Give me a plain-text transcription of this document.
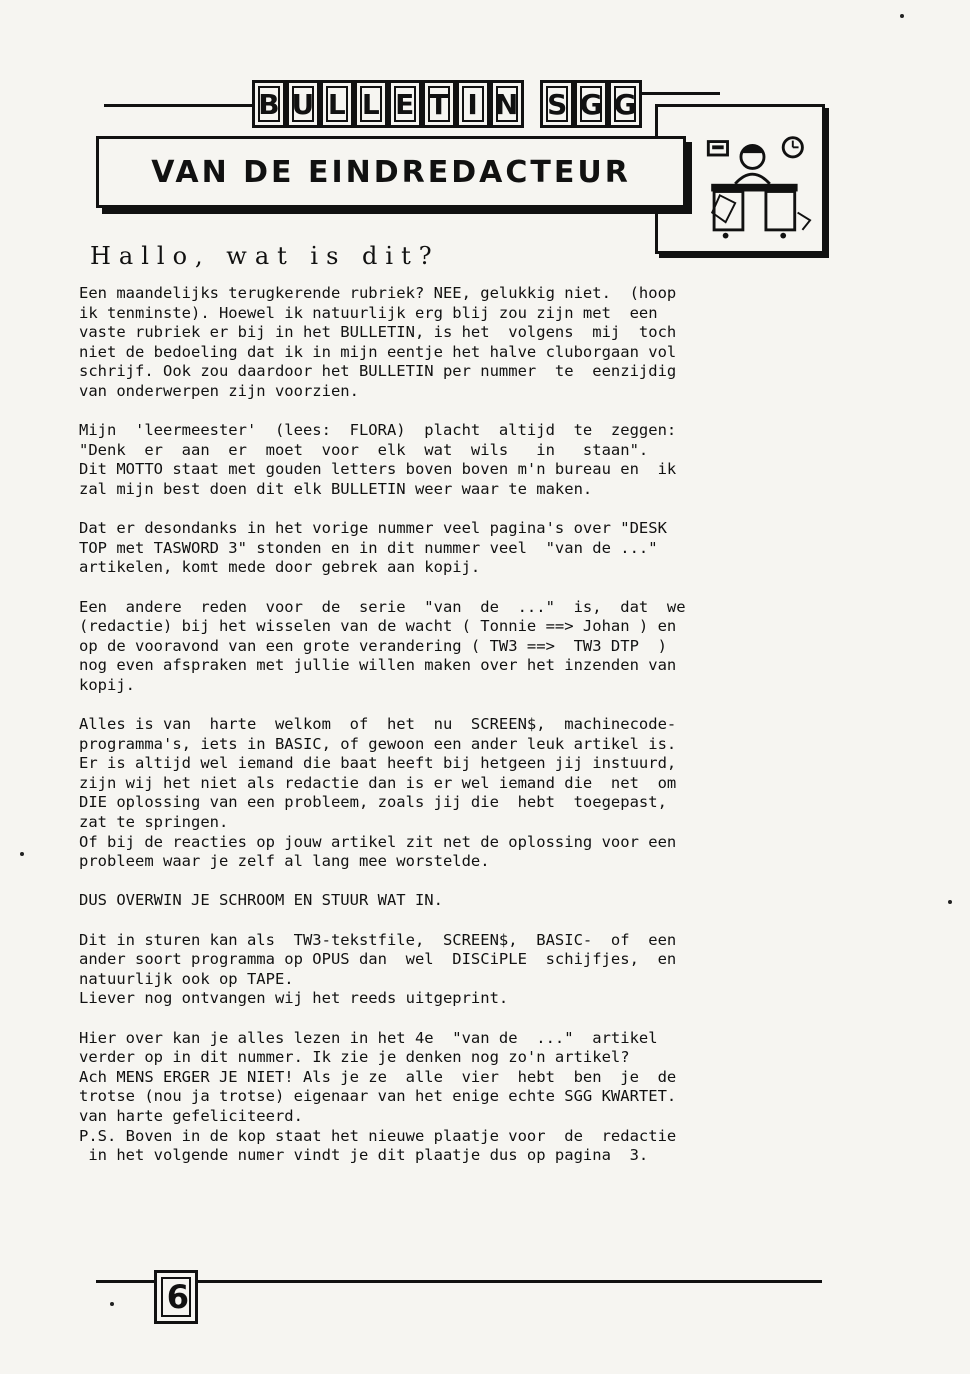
B U L L E T I N S G G
VAN DE EINDREDACTEUR
Hallo, wat is dit?
Een maandelijks terugkerende rubriek? NEE, gelukkig niet.  (hoop
ik tenminste). Hoewel ik natuurlijk erg blij zou zijn met  een
vaste rubriek er bij in het BULLETIN, is het  volgens  mij  toch
niet de bedoeling dat ik in mijn eentje het halve cluborgaan vol
schrijf. Ook zou daardoor het BULLETIN per nummer  te  eenzijdig
van onderwerpen zijn voorzien.

Mijn  'leermeester'  (lees:  FLORA)  placht  altijd  te  zeggen:
"Denk  er  aan  er  moet  voor  elk  wat  wils   in   staan".
Dit MOTTO staat met gouden letters boven boven m'n bureau en  ik
zal mijn best doen dit elk BULLETIN weer waar te maken.

Dat er desondanks in het vorige nummer veel pagina's over "DESK
TOP met TASWORD 3" stonden en in dit nummer veel  "van de ..."
artikelen, komt mede door gebrek aan kopij.

Een  andere  reden  voor  de  serie  "van  de  ..."  is,  dat  we
(redactie) bij het wisselen van de wacht ( Tonnie ==> Johan ) en
op de vooravond van een grote verandering ( TW3 ==>  TW3 DTP  )
nog even afspraken met jullie willen maken over het inzenden van
kopij.

Alles is van  harte  welkom  of  het  nu  SCREEN$,  machinecode-
programma's, iets in BASIC, of gewoon een ander leuk artikel is.
Er is altijd wel iemand die baat heeft bij hetgeen jij instuurd,
zijn wij het niet als redactie dan is er wel iemand die  net  om
DIE oplossing van een probleem, zoals jij die  hebt  toegepast,
zat te springen.
Of bij de reacties op jouw artikel zit net de oplossing voor een
probleem waar je zelf al lang mee worstelde.

DUS OVERWIN JE SCHROOM EN STUUR WAT IN.

Dit in sturen kan als  TW3-tekstfile,  SCREEN$,  BASIC-  of  een
ander soort programma op OPUS dan  wel  DISCiPLE  schijfjes,  en
natuurlijk ook op TAPE.
Liever nog ontvangen wij het reeds uitgeprint.

Hier over kan je alles lezen in het 4e  "van de  ..."  artikel
verder op in dit nummer. Ik zie je denken nog zo'n artikel?
Ach MENS ERGER JE NIET! Als je ze  alle  vier  hebt  ben  je  de
trotse (nou ja trotse) eigenaar van het enige echte SGG KWARTET.
van harte gefeliciteerd.
P.S. Boven in de kop staat het nieuwe plaatje voor  de  redactie
in het volgende numer vindt je dit plaatje dus op pagina  3.

6
